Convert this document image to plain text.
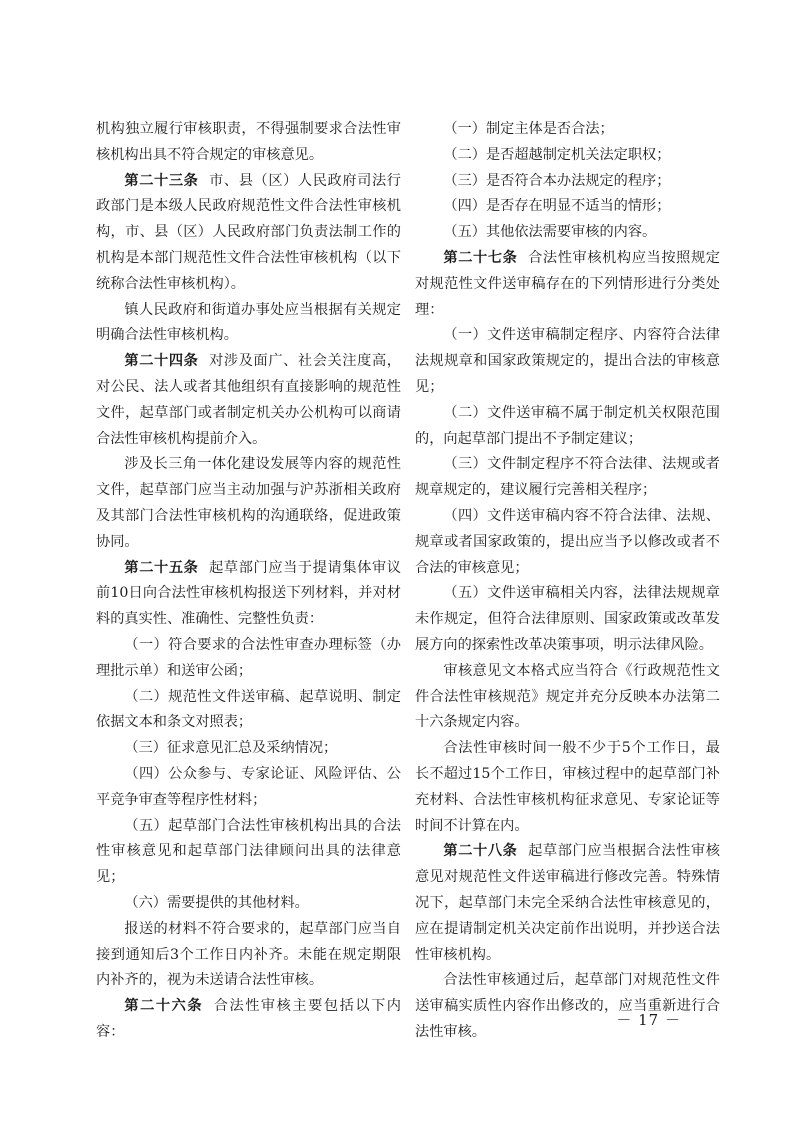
机构独立履行审核职责，不得强制要求合法性审核机构出具不符合规定的审核意见。

第二十三条 市、县（区）人民政府司法行政部门是本级人民政府规范性文件合法性审核机构，市、县（区）人民政府部门负责法制工作的机构是本部门规范性文件合法性审核机构（以下统称合法性审核机构）。

镇人民政府和街道办事处应当根据有关规定明确合法性审核机构。

第二十四条 对涉及面广、社会关注度高，对公民、法人或者其他组织有直接影响的规范性文件，起草部门或者制定机关办公机构可以商请合法性审核机构提前介入。

涉及长三角一体化建设发展等内容的规范性文件，起草部门应当主动加强与沪苏浙相关政府及其部门合法性审核机构的沟通联络，促进政策协同。

第二十五条 起草部门应当于提请集体审议前10日向合法性审核机构报送下列材料，并对材料的真实性、准确性、完整性负责：

（一）符合要求的合法性审查办理标签（办理批示单）和送审公函；

（二）规范性文件送审稿、起草说明、制定依据文本和条文对照表；

（三）征求意见汇总及采纳情况；

（四）公众参与、专家论证、风险评估、公平竞争审查等程序性材料；

（五）起草部门合法性审核机构出具的合法性审核意见和起草部门法律顾问出具的法律意见；

（六）需要提供的其他材料。

报送的材料不符合要求的，起草部门应当自接到通知后3个工作日内补齐。未能在规定期限内补齐的，视为未送请合法性审核。

第二十六条 合法性审核主要包括以下内容：

（一）制定主体是否合法；

（二）是否超越制定机关法定职权；

（三）是否符合本办法规定的程序；

（四）是否存在明显不适当的情形；

（五）其他依法需要审核的内容。

第二十七条 合法性审核机构应当按照规定对规范性文件送审稿存在的下列情形进行分类处理：

（一）文件送审稿制定程序、内容符合法律法规规章和国家政策规定的，提出合法的审核意见；

（二）文件送审稿不属于制定机关权限范围的，向起草部门提出不予制定建议；

（三）文件制定程序不符合法律、法规或者规章规定的，建议履行完善相关程序；

（四）文件送审稿内容不符合法律、法规、规章或者国家政策的，提出应当予以修改或者不合法的审核意见；

（五）文件送审稿相关内容，法律法规规章未作规定，但符合法律原则、国家政策或改革发展方向的探索性改革决策事项，明示法律风险。

审核意见文本格式应当符合《行政规范性文件合法性审核规范》规定并充分反映本办法第二十六条规定内容。

合法性审核时间一般不少于5个工作日，最长不超过15个工作日，审核过程中的起草部门补充材料、合法性审核机构征求意见、专家论证等时间不计算在内。

第二十八条 起草部门应当根据合法性审核意见对规范性文件送审稿进行修改完善。特殊情况下，起草部门未完全采纳合法性审核意见的，应在提请制定机关决定前作出说明，并抄送合法性审核机构。

合法性审核通过后，起草部门对规范性文件送审稿实质性内容作出修改的，应当重新进行合法性审核。

－ 17 －
